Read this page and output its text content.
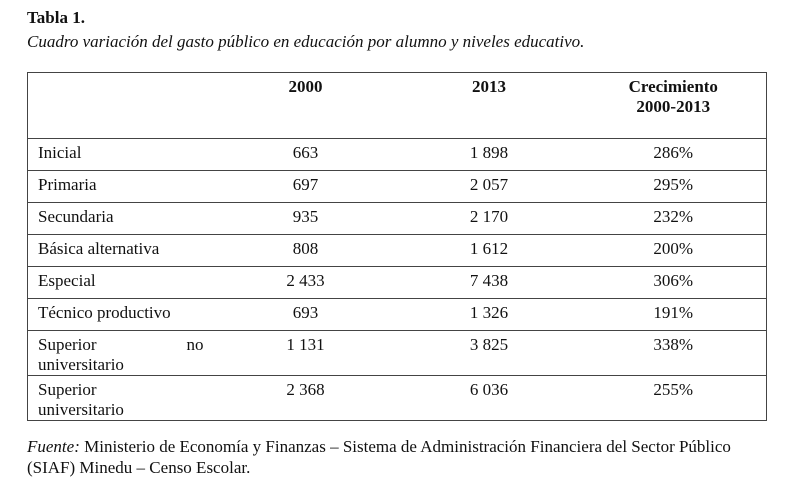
Tabla 1.
Cuadro variación del gasto público en educación por alumno y niveles educativo.
	2000	2013	Crecimiento
2000-2013

Inicial	663	1 898	286%
Primaria	697	2 057	295%
Secundaria	935	2 170	232%
Básica alternativa	808	1 612	200%
Especial	2 433	7 438	306%
Técnico productivo	693	1 326	191%

Superior no
universitario	1 131	3 825	338%

Superior
universitario	2 368	6 036	255%
Fuente: Ministerio de Economía y Finanzas – Sistema de Administración Financiera del Sector Público (SIAF) Minedu – Censo Escolar.
